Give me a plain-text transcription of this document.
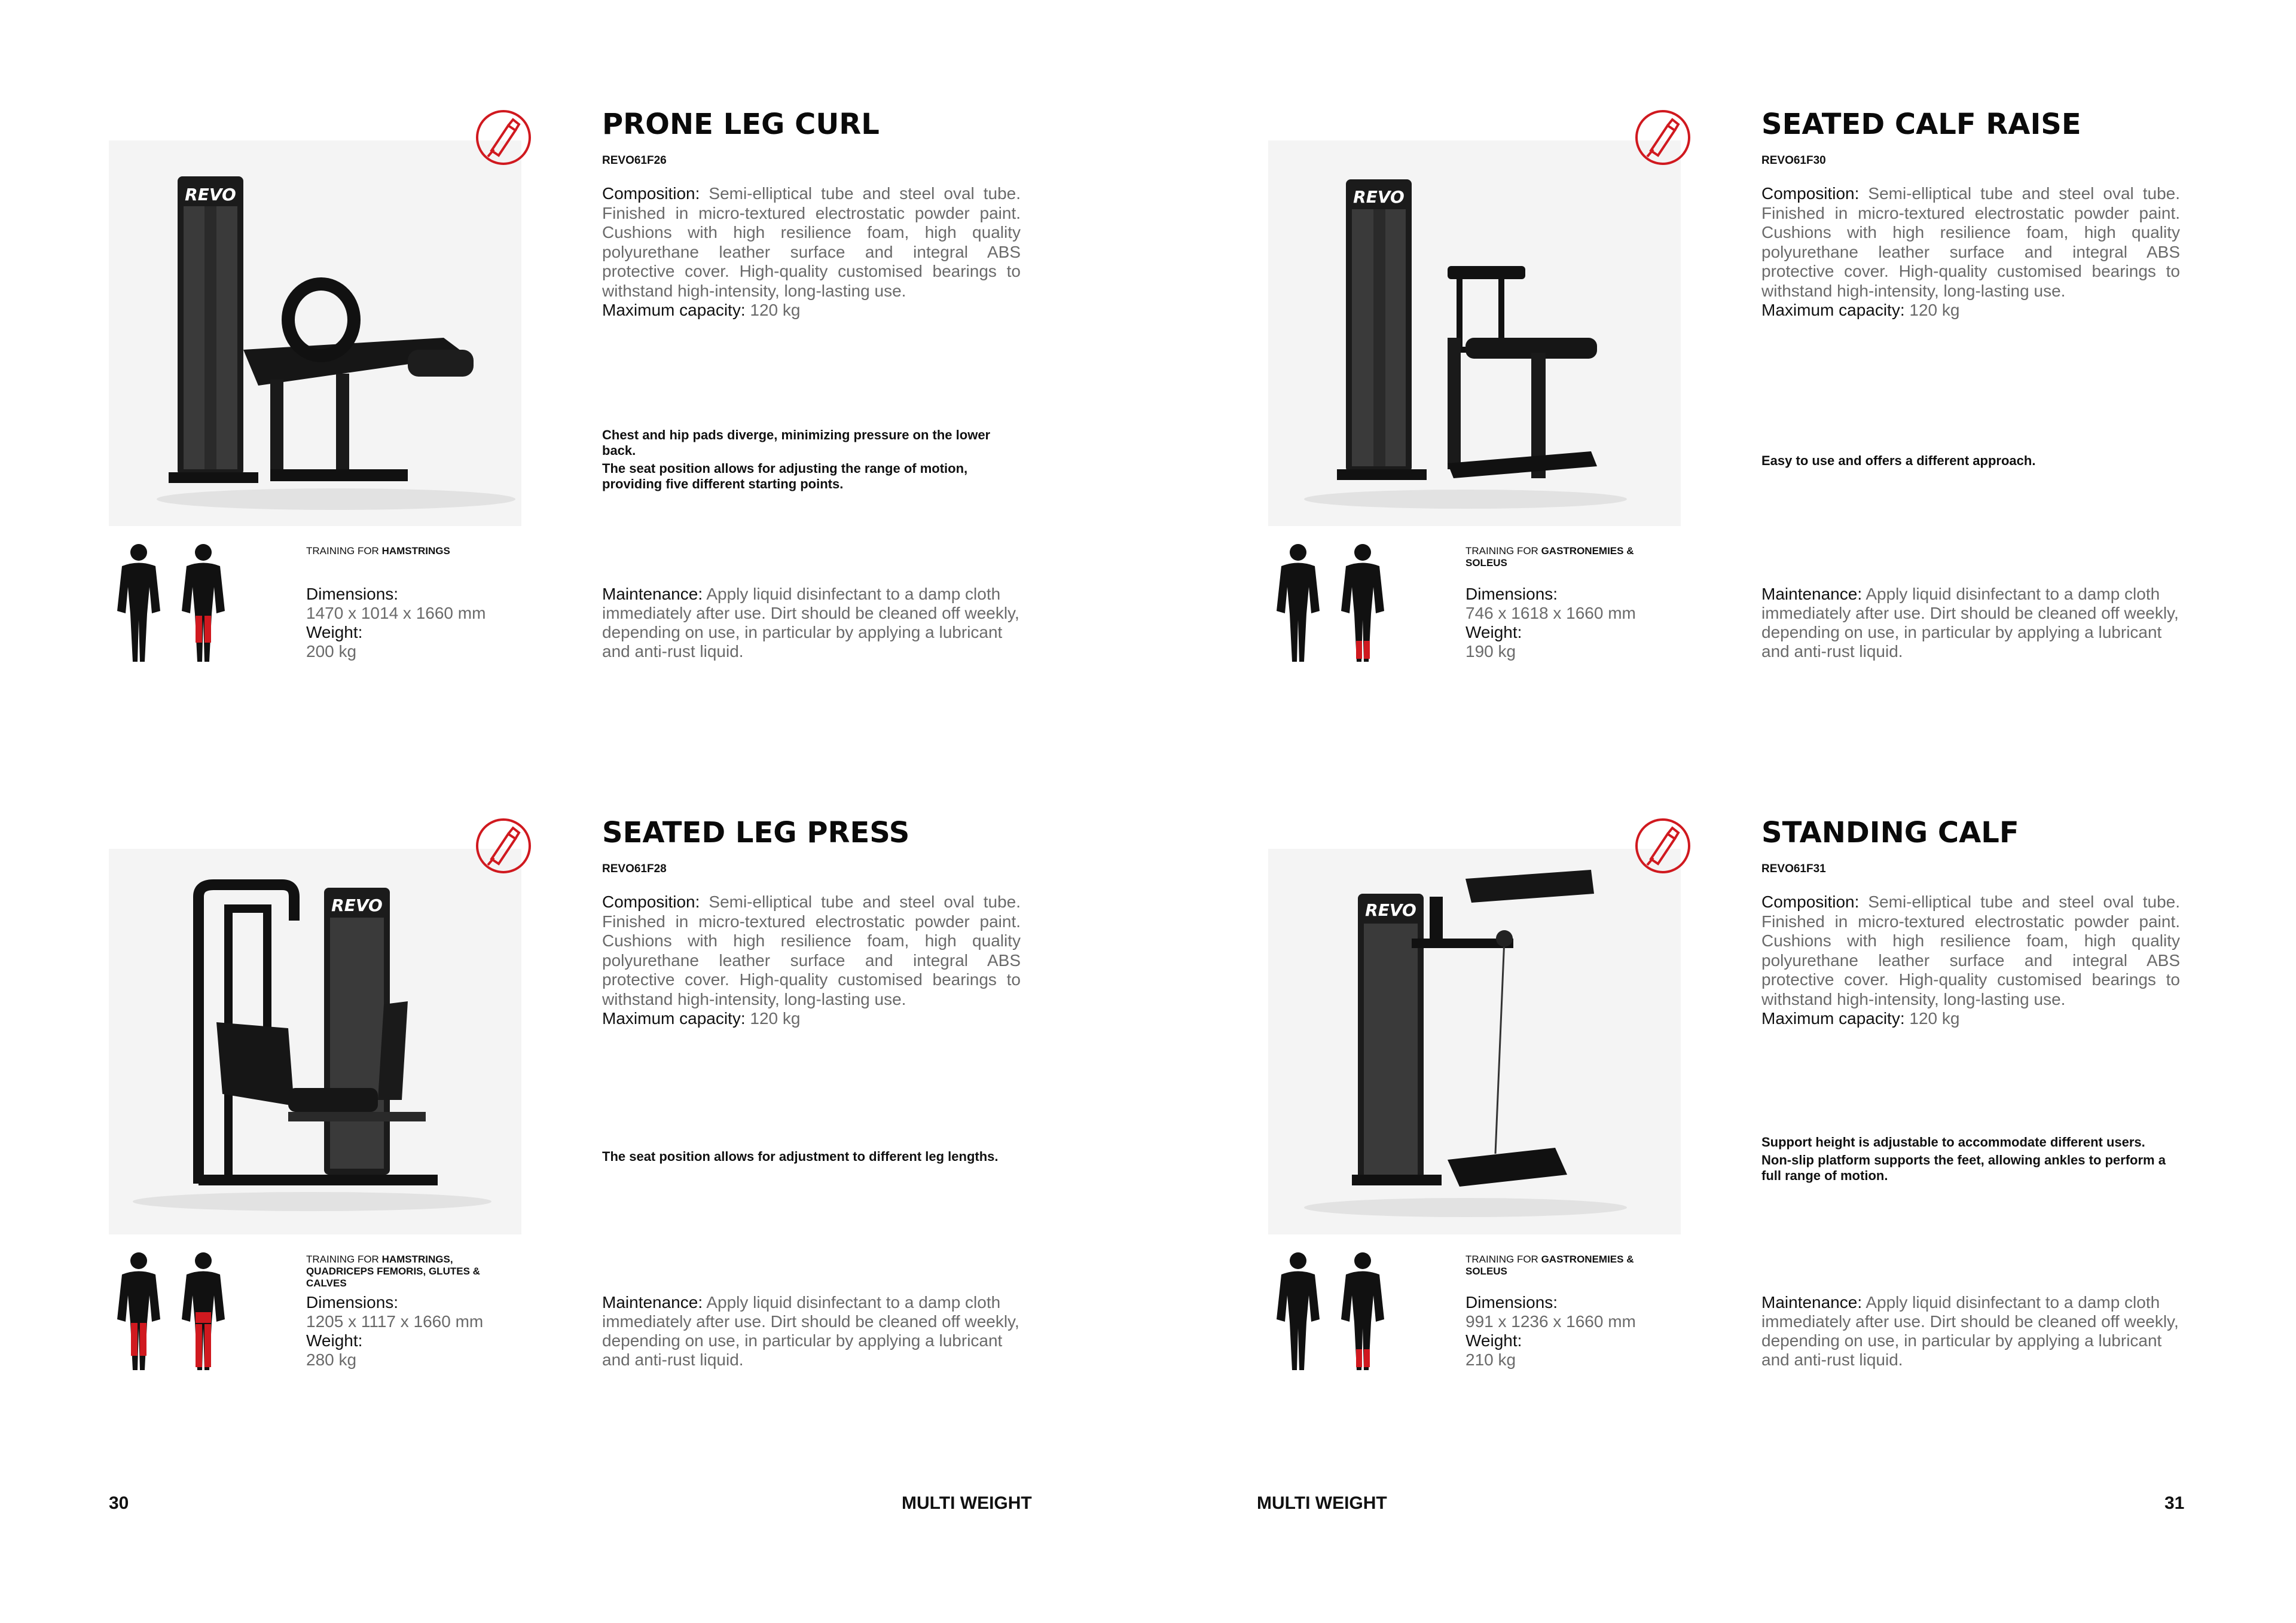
REVO
PRONE LEG CURL
REVO61F26
Composition: Semi-elliptical tube and steel oval tube. Finished in micro-textured electrostatic powder paint. Cushions with high resilience foam, high quality polyurethane leather surface and integral ABS protective cover. High-quality customised bearings to withstand high-intensity, long-lasting use.
Maximum capacity: 120 kg

Chest and hip pads diverge, minimizing pressure on the lower back.

The seat position allows for adjusting the range of motion, providing five different starting points.

TRAINING FOR HAMSTRINGS
Dimensions:
1470 x 1014 x 1660 mm
Weight:
200 kg
Maintenance: Apply liquid disinfectant to a damp cloth immediately after use. Dirt should be cleaned off weekly, depending on use, in particular by applying a lubricant and anti-rust liquid.
REVO
SEATED CALF RAISE
REVO61F30
Composition: Semi-elliptical tube and steel oval tube. Finished in micro-textured electrostatic powder paint. Cushions with high resilience foam, high quality polyurethane leather surface and integral ABS protective cover. High-quality customised bearings to withstand high-intensity, long-lasting use.
Maximum capacity: 120 kg

Easy to use and offers a different approach.

TRAINING FOR GASTRONEMIES & SOLEUS
Dimensions:
746 x 1618 x 1660 mm
Weight:
190 kg
Maintenance: Apply liquid disinfectant to a damp cloth immediately after use. Dirt should be cleaned off weekly, depending on use, in particular by applying a lubricant and anti-rust liquid.
REVO
SEATED LEG PRESS
REVO61F28
Composition: Semi-elliptical tube and steel oval tube. Finished in micro-textured electrostatic powder paint. Cushions with high resilience foam, high quality polyurethane leather surface and integral ABS protective cover. High-quality customised bearings to withstand high-intensity, long-lasting use.
Maximum capacity: 120 kg

The seat position allows for adjustment to different leg lengths.

TRAINING FOR HAMSTRINGS, QUADRICEPS FEMORIS, GLUTES & CALVES
Dimensions:
1205 x 1117 x 1660 mm
Weight:
280 kg
Maintenance: Apply liquid disinfectant to a damp cloth immediately after use. Dirt should be cleaned off weekly, depending on use, in particular by applying a lubricant and anti-rust liquid.
REVO
STANDING CALF
REVO61F31
Composition: Semi-elliptical tube and steel oval tube. Finished in micro-textured electrostatic powder paint. Cushions with high resilience foam, high quality polyurethane leather surface and integral ABS protective cover. High-quality customised bearings to withstand high-intensity, long-lasting use.
Maximum capacity: 120 kg

Support height is adjustable to accommodate different users.

Non-slip platform supports the feet, allowing ankles to perform a full range of motion.

TRAINING FOR GASTRONEMIES & SOLEUS
Dimensions:
991 x 1236 x 1660 mm
Weight:
210 kg
Maintenance: Apply liquid disinfectant to a damp cloth immediately after use. Dirt should be cleaned off weekly, depending on use, in particular by applying a lubricant and anti-rust liquid.
30	MULTI WEIGHT	MULTI WEIGHT	31
